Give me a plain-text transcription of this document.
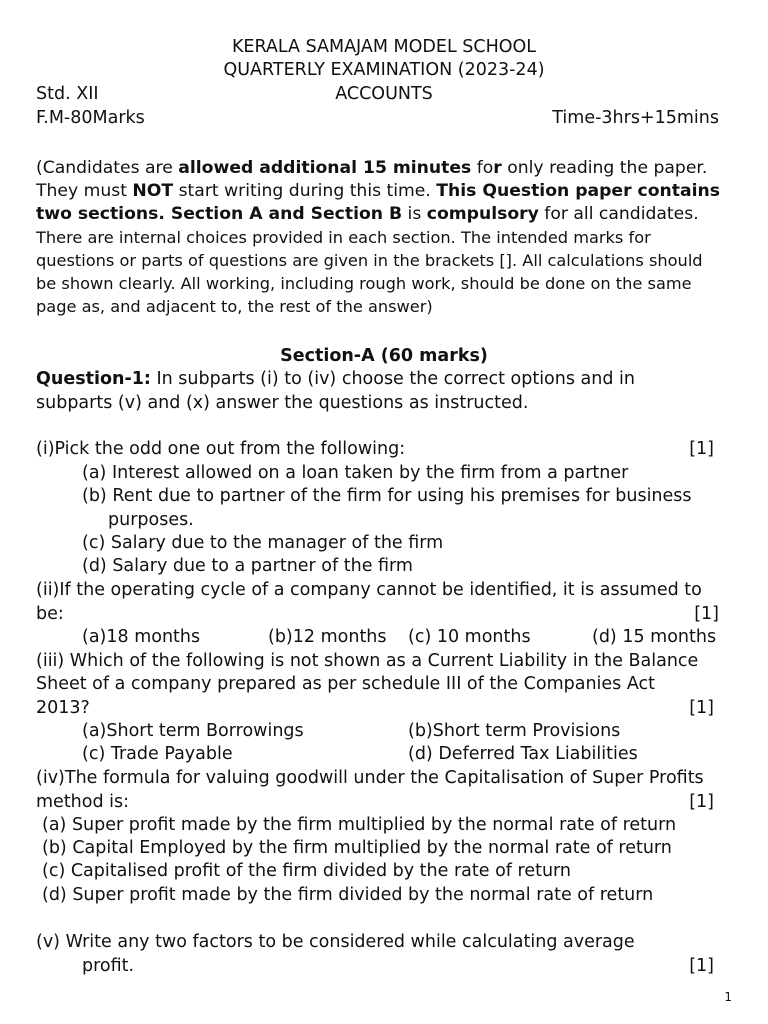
KERALA SAMAJAM MODEL SCHOOL
QUARTERLY EXAMINATION (2023-24)
Std. XII	ACCOUNTS
F.M-80Marks	Time-3hrs+15mins
(Candidates are allowed additional 15 minutes for only reading the paper.
They must NOT start writing during this time. This Question paper contains
two sections. Section A and Section B is compulsory for all candidates.
There are internal choices provided in each section. The intended marks for
questions or parts of questions are given in the brackets []. All calculations should
be shown clearly. All working, including rough work, should be done on the same
page as, and adjacent to, the rest of the answer)
Section-A (60 marks)
Question-1: In subparts (i) to (iv) choose the correct options and in
subparts (v) and (x) answer the questions as instructed.
(i)Pick the odd one out from the following:	[1]
(a) Interest allowed on a loan taken by the firm from a partner
(b) Rent due to partner of the firm for using his premises for business
purposes.
(c) Salary due to the manager of the firm
(d) Salary due to a partner of the firm
(ii)If the operating cycle of a company cannot be identified, it is assumed to
be:	[1]
(a)18 months	(b)12 months (c) 10 months	(d) 15 months
(iii) Which of the following is not shown as a Current Liability in the Balance
Sheet of a company prepared as per schedule III of the Companies Act
2013?	[1]
(a)Short term Borrowings	(b)Short term Provisions
(c) Trade Payable	(d) Deferred Tax Liabilities
(iv)The formula for valuing goodwill under the Capitalisation of Super Profits
method is:	[1]
(a) Super profit made by the firm multiplied by the normal rate of return
(b) Capital Employed by the firm multiplied by the normal rate of return
(c) Capitalised profit of the firm divided by the rate of return
(d) Super profit made by the firm divided by the normal rate of return
(v) Write any two factors to be considered while calculating average
profit.	[1]
1
